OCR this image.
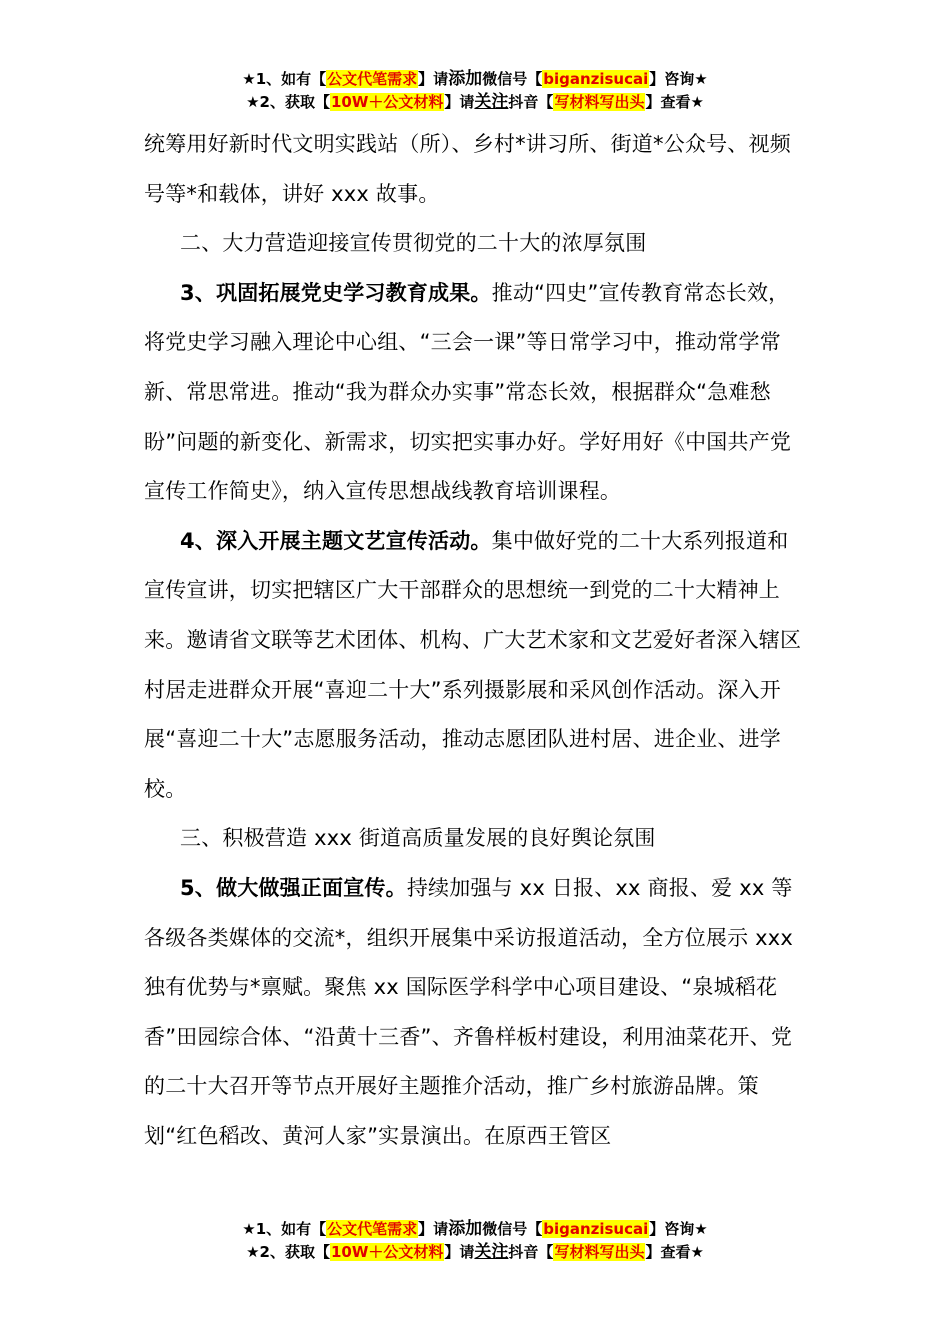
★1、如有【公文代笔需求】请添加微信号【biganzisucai】咨询★
★2、获取【10W＋公文材料】请关注抖音【写材料写出头】查看★

统筹用好新时代文明实践站（所）、乡村*讲习所、街道*公众号、视频号等*和载体，讲好 xxx 故事。

二、大力营造迎接宣传贯彻党的二十大的浓厚氛围

3、巩固拓展党史学习教育成果。推动“四史”宣传教育常态长效，将党史学习融入理论中心组、“三会一课”等日常学习中，推动常学常新、常思常进。推动“我为群众办实事”常态长效，根据群众“急难愁盼”问题的新变化、新需求，切实把实事办好。学好用好《中国共产党宣传工作简史》，纳入宣传思想战线教育培训课程。

4、深入开展主题文艺宣传活动。集中做好党的二十大系列报道和宣传宣讲，切实把辖区广大干部群众的思想统一到党的二十大精神上来。邀请省文联等艺术团体、机构、广大艺术家和文艺爱好者深入辖区村居走进群众开展“喜迎二十大”系列摄影展和采风创作活动。深入开展“喜迎二十大”志愿服务活动，推动志愿团队进村居、进企业、进学校。

三、积极营造 xxx 街道高质量发展的良好舆论氛围

5、做大做强正面宣传。持续加强与 xx 日报、xx 商报、爱 xx 等各级各类媒体的交流*，组织开展集中采访报道活动，全方位展示 xxx 独有优势与*禀赋。聚焦 xx 国际医学科学中心项目建设、“泉城稻花香”田园综合体、“沿黄十三香”、齐鲁样板村建设，利用油菜花开、党的二十大召开等节点开展好主题推介活动，推广乡村旅游品牌。策划“红色稻改、黄河人家”实景演出。在原西王管区

★1、如有【公文代笔需求】请添加微信号【biganzisucai】咨询★
★2、获取【10W＋公文材料】请关注抖音【写材料写出头】查看★
